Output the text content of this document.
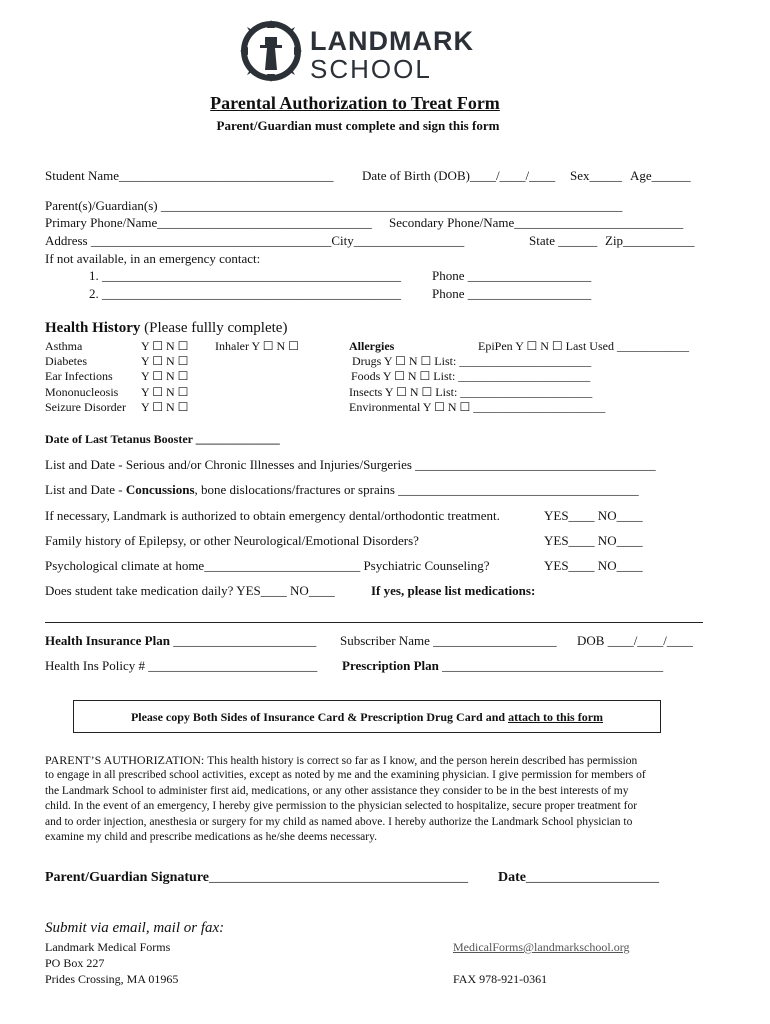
LANDMARK
SCHOOL
Parental Authorization to Treat Form
Parent/Guardian must complete and sign this form
Student Name_________________________________ Date of Birth (DOB)____/____/____ Sex_____ Age______
Parent(s)/Guardian(s) _______________________________________________________________________
Primary Phone/Name_________________________________ Secondary Phone/Name__________________________
Address _____________________________________City_________________	State ______ Zip___________
If not available, in an emergency contact:
1. ______________________________________________ Phone ___________________
2. ______________________________________________ Phone ___________________
Health History (Please fullly complete)
Asthma	Y ☐ N ☐ Inhaler Y ☐ N ☐
Diabetes	Y ☐ N ☐
Ear Infections Y ☐ N ☐
Mononucleosis Y ☐ N ☐
Seizure Disorder Y ☐ N ☐
Allergies	EpiPen Y ☐ N ☐ Last Used ____________
Drugs Y ☐ N ☐ List: ______________________
Foods Y ☐ N ☐ List: ______________________
Insects Y ☐ N ☐ List: ______________________
Environmental Y ☐ N ☐ ______________________
Date of Last Tetanus Booster ______________
List and Date - Serious and/or Chronic Illnesses and Injuries/Surgeries _____________________________________
List and Date - Concussions, bone dislocations/fractures or sprains _____________________________________
If necessary, Landmark is authorized to obtain emergency dental/orthodontic treatment.	YES____ NO____
Family history of Epilepsy, or other Neurological/Emotional Disorders?	YES____ NO____
Psychological climate at home________________________ Psychiatric Counseling?	YES____ NO____
Does student take medication daily? YES____ NO____	If yes, please list medications:
Health Insurance Plan ______________________ Subscriber Name ___________________ DOB ____/____/____
Health Ins Policy # __________________________ Prescription Plan __________________________________
Please copy Both Sides of Insurance Card & Prescription Drug Card and attach to this form
PARENT’S AUTHORIZATION: This health history is correct so far as I know, and the person herein described has permission
to engage in all prescribed school activities, except as noted by me and the examining physician. I give permission for members of
the Landmark School to administer first aid, medications, or any other assistance they consider to be in the best interests of my
child. In the event of an emergency, I hereby give permission to the physician selected to hospitalize, secure proper treatment for
and to order injection, anesthesia or surgery for my child as named above. I hereby authorize the Landmark School physician to
examine my child and prescribe medications as he/she deems necessary.
Parent/Guardian Signature_____________________________________ Date___________________
Submit via email, mail or fax:
Landmark Medical Forms
PO Box 227
Prides Crossing, MA 01965
MedicalForms@landmarkschool.org
FAX 978-921-0361
